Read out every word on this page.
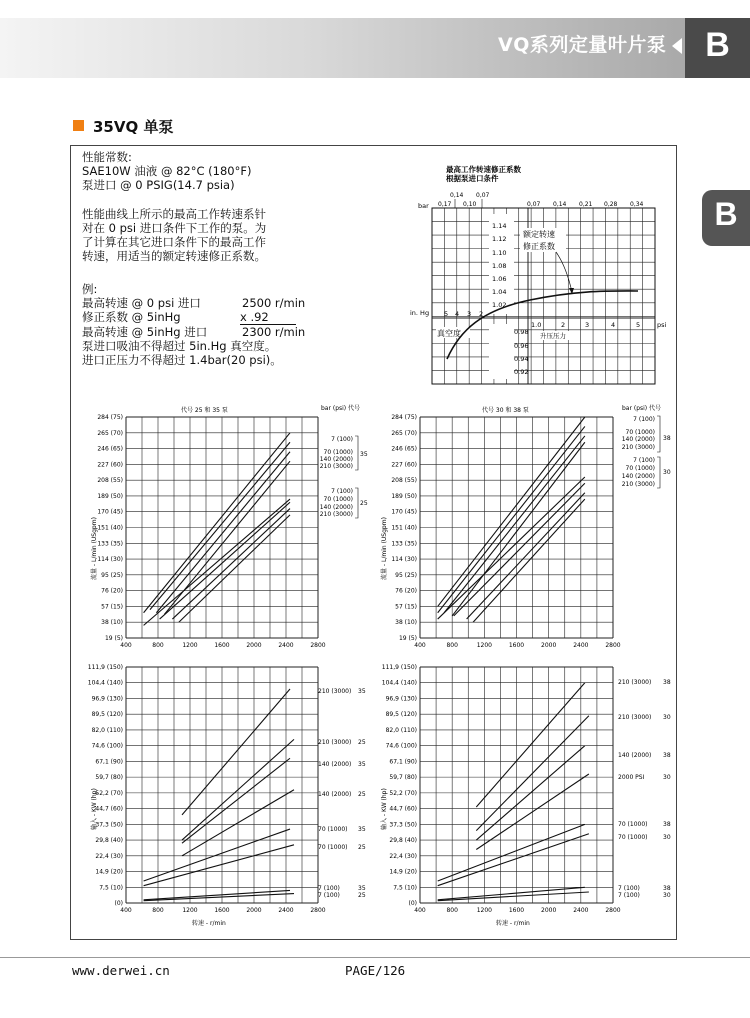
VQ系列定量叶片泵	B
B
35VQ 单泵
性能常数:
SAE10W 油液 @ 82°C (180°F)
泵进口 @ 0 PSIG(14.7 psia)
性能曲线上所示的最高工作转速系针
对在 0 psi 进口条件下工作的泵。为
了计算在其它进口条件下的最高工作
转速，用适当的额定转速修正系数。
例:
最高转速 @ 0 psi 进口	2500 r/min
修正系数 @ 5inHg	x .92
最高转速 @ 5inHg 进口	2300 r/min
泵进口吸油不得超过 5in.Hg 真空度。
进口正压力不得超过 1.4bar(20 psi)。
最高工作转速修正系数
根据泵进口条件
bar
0,14 0,07
0,17 0,10	0,07 0,14 0,21 0,28 0,34
in. Hg 5 4 3 2
psi
1.0	2	3	4	5
1.14
1.12
1.10
1.08
1.06
1.04
1.02
0.98
0.96
0.94
0.92
额定转速
修正系数
真空度	升压压力
代号 25 和 35 泵	bar (psi) 代号
流量 - L/min (USgpm)
284 (75)
265 (70)
246 (65)
227 (60)
208 (55)
189 (50)
170 (45)
151 (40)
133 (35)
114 (30)
95 (25)
76 (20)
57 (15)
38 (10)
19 (5)
400	800	1200	1600	2000	2400	2800
7 (100)
70 (1000)
140 (2000)
210 (3000)
7 (100)
70 (1000)
140 (2000)
210 (3000)
35
25
代号 30 和 38 泵	bar (psi) 代号
流量 - L/min (USgpm)
284 (75)
265 (70)
246 (65)
227 (60)
208 (55)
189 (50)
170 (45)
151 (40)
133 (35)
114 (30)
95 (25)
76 (20)
57 (15)
38 (10)
19 (5)
400	800	1200	1600	2000	2400	2800
7 (100)
70 (1000)
140 (2000)
210 (3000)
7 (100)
70 (1000)
140 (2000)
210 (3000)
38
30
输入 - KW (hp)
转速 - r/min
111,9 (150)
104,4 (140)
96,9 (130)
89,5 (120)
82,0 (110)
74,6 (100)
67,1 (90)
59,7 (80)
52,2 (70)
44,7 (60)
37,3 (50)
29,8 (40)
22,4 (30)
14,9 (20)
7,5 (10)
(0)
400	800	1200	1600	2000	2400	2800
210 (3000) 35
210 (3000) 25
140 (2000) 35
140 (2000) 25
70 (1000) 35
70 (1000) 25
7 (100)	35
7 (100)	25
输入 - KW (hp)
转速 - r/min
111,9 (150)
104,4 (140)
96,9 (130)
89,5 (120)
82,0 (110)
74,6 (100)
67,1 (90)
59,7 (80)
52,2 (70)
44,7 (60)
37,3 (50)
29,8 (40)
22,4 (30)
14,9 (20)
7,5 (10)
(0)
400	800	1200	1600	2000	2400	2800
210 (3000) 38
210 (3000) 30
140 (2000) 38
2000 PSI	30
70 (1000)	38
70 (1000)	30
7 (100)	38
7 (100)	30
www.derwei.cn	PAGE/126
